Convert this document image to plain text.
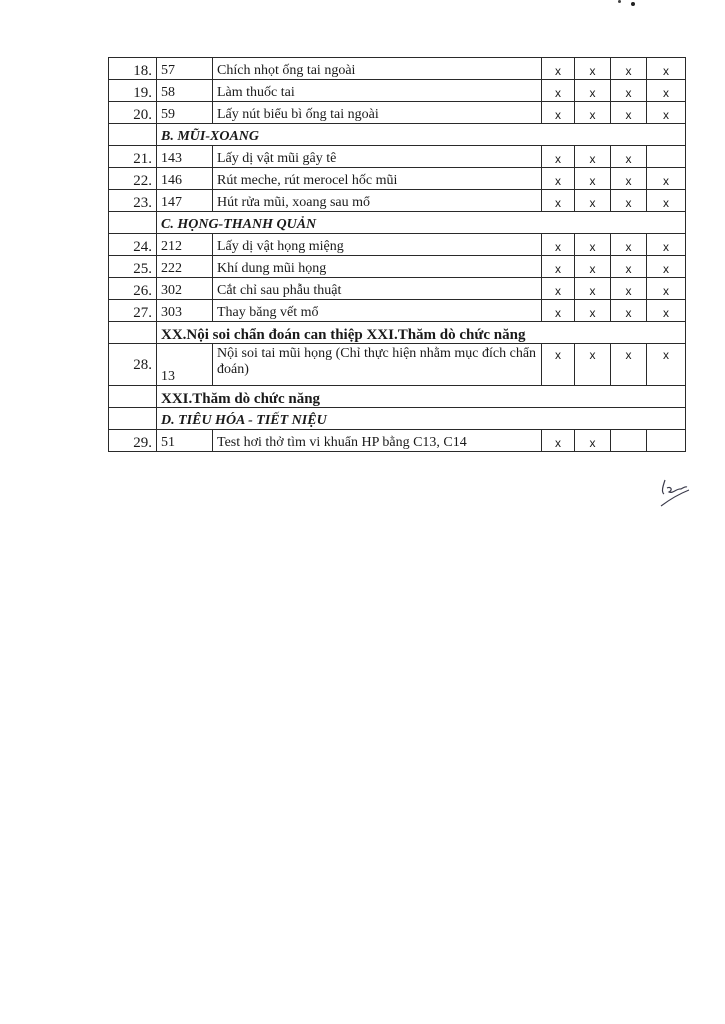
18.	57	Chích nhọt ống tai ngoài	x	x	x	x
19.	58	Làm thuốc tai	x	x	x	x
20.	59	Lấy nút biểu bì ống tai ngoài	x	x	x	x
	B. MŨI-XOANG					
21.	143	Lấy dị vật mũi gây tê	x	x	x	
22.	146	Rút meche, rút merocel hốc mũi	x	x	x	x
23.	147	Hút rửa mũi, xoang sau mổ	x	x	x	x
	C. HỌNG-THANH QUẢN					
24.	212	Lấy dị vật họng miệng	x	x	x	x
25.	222	Khí dung mũi họng	x	x	x	x
26.	302	Cắt chỉ sau phẫu thuật	x	x	x	x
27.	303	Thay băng vết mổ	x	x	x	x
	XX.Nội soi chẩn đoán can thiệp XXI.Thăm dò chức năng					
28.	13	Nội soi tai mũi họng (Chỉ thực hiện nhằm mục đích chẩn đoán)	x	x	x	x
	XXI.Thăm dò chức năng					
	D. TIÊU HÓA - TIẾT NIỆU					
29.	51	Test hơi thở tìm vi khuẩn HP bằng C13, C14	x	x		
